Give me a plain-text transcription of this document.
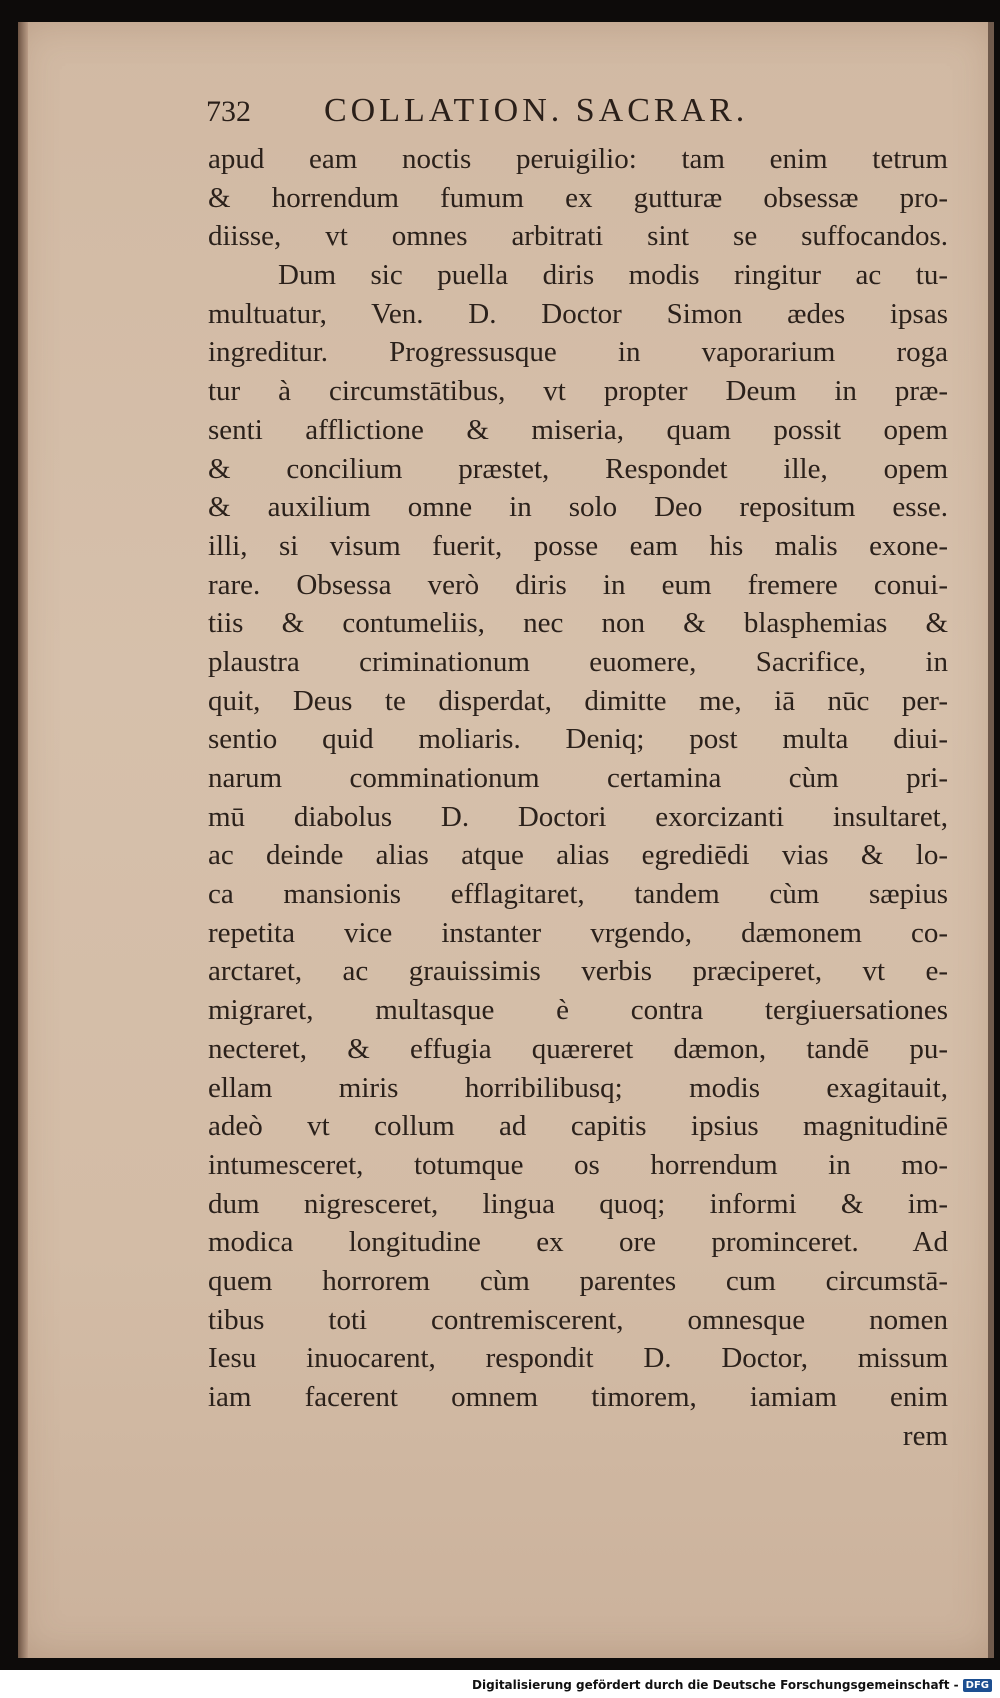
732	COLLATION. SACRAR.
apud eam noctis peruigilio: tam enim tetrum
& horrendum fumum ex gutturæ obsessæ pro-
diisse, vt omnes arbitrati sint se suffocandos.
Dum sic puella diris modis ringitur ac tu-
multuatur, Ven. D. Doctor Simon ædes ipsas
ingreditur. Progressusque in vaporarium roga
tur à circumstātibus, vt propter Deum in præ-
senti afflictione & miseria, quam possit opem
& concilium præstet, Respondet ille, opem
& auxilium omne in solo Deo repositum esse.
illi, si visum fuerit, posse eam his malis exone-
rare. Obsessa verò diris in eum fremere conui-
tiis & contumeliis, nec non & blasphemias &
plaustra criminationum euomere, Sacrifice, in
quit, Deus te disperdat, dimitte me, iā nūc per-
sentio quid moliaris. Deniq; post multa diui-
narum comminationum certamina cùm pri-
mū diabolus D. Doctori exorcizanti insultaret,
ac deinde alias atque alias egrediēdi vias & lo-
ca mansionis efflagitaret, tandem cùm sæpius
repetita vice instanter vrgendo, dæmonem co-
arctaret, ac grauissimis verbis præciperet, vt e-
migraret, multasque è contra tergiuersationes
necteret, & effugia quæreret dæmon, tandē pu-
ellam miris horribilibusq; modis exagitauit,
adeò vt collum ad capitis ipsius magnitudinē
intumesceret, totumque os horrendum in mo-
dum nigresceret, lingua quoq; informi & im-
modica longitudine ex ore prominceret. Ad
quem horrorem cùm parentes cum circumstā-
tibus toti contremiscerent, omnesque nomen
Iesu inuocarent, respondit D. Doctor, missum
iam facerent omnem timorem, iamiam enim
rem
Digitalisierung gefördert durch die Deutsche Forschungsgemeinschaft - DFG
